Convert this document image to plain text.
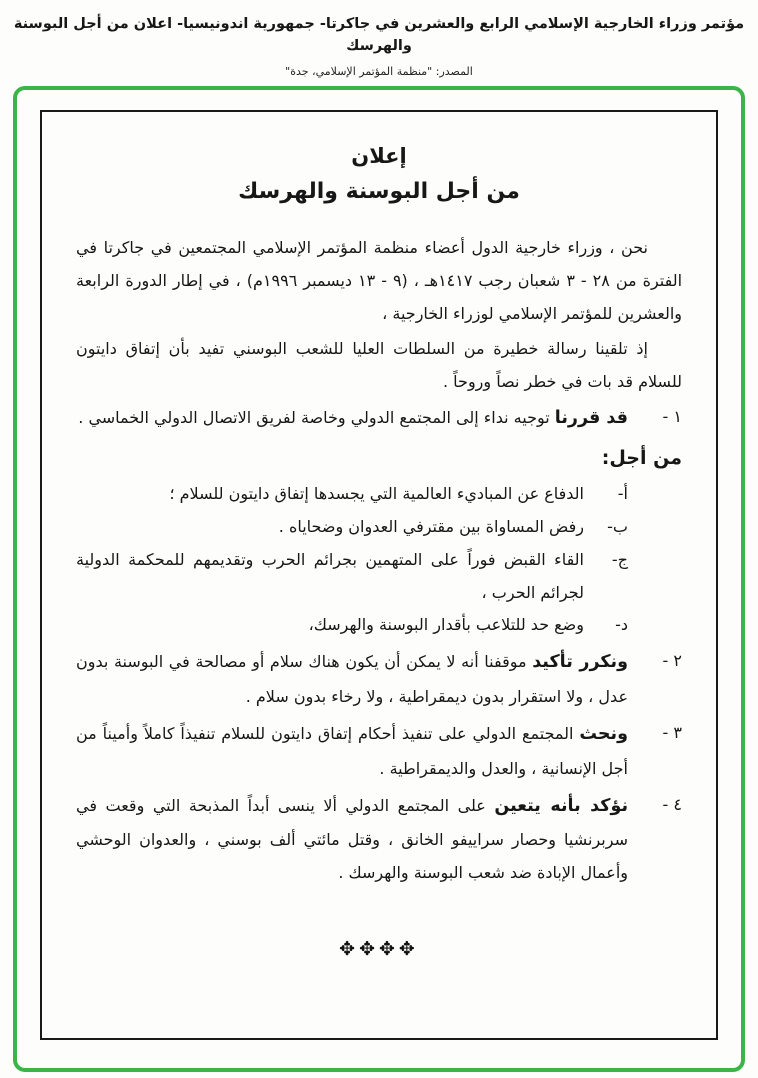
مؤتمر وزراء الخارجية الإسلامي الرابع والعشرين في جاكرتا- جمهورية اندونيسيا- اعلان من أجل البوسنة والهرسك
المصدر: "منظمة المؤتمر الإسلامي، جدة"
إعلان
من أجل البوسنة والهرسك

نحن ، وزراء خارجية الدول أعضاء منظمة المؤتمر الإسلامي المجتمعين في جاكرتا في الفترة من ٢٨ - ٣ شعبان رجب ١٤١٧هـ ، (٩ - ١٣ ديسمبر ١٩٩٦م) ، في إطار الدورة الرابعة والعشرين للمؤتمر الإسلامي لوزراء الخارجية ،

إذ تلقينا رسالة خطيرة من السلطات العليا للشعب البوسني تفيد بأن إتفاق دايتون للسلام قد بات في خطر نصاً وروحاً .

١ -
قد قررنا توجيه نداء إلى المجتمع الدولي وخاصة لفريق الاتصال الدولي الخماسي .
من أجل:
أ-
الدفاع عن المباديء العالمية التي يجسدها إتفاق دايتون للسلام ؛
ب-
رفض المساواة بين مقترفي العدوان وضحاياه .
ج-
القاء القبض فوراً على المتهمين بجرائم الحرب وتقديمهم للمحكمة الدولية لجرائم الحرب ،
د-
وضع حد للتلاعب بأقدار البوسنة والهرسك،
٢ -
ونكرر تأكيد موقفنا أنه لا يمكن أن يكون هناك سلام أو مصالحة في البوسنة بدون عدل ، ولا استقرار بدون ديمقراطية ، ولا رخاء بدون سلام .
٣ -
ونحث المجتمع الدولي على تنفيذ أحكام إتفاق دايتون للسلام تنفيذاً كاملاً وأميناً من أجل الإنسانية ، والعدل والديمقراطية .
٤ -
نؤكد بأنه يتعين على المجتمع الدولي ألا ينسى أبداً المذبحة التي وقعت في سربرنشيا وحصار سراييفو الخانق ، وقتل مائتي ألف بوسني ، والعدوان الوحشي وأعمال الإبادة ضد شعب البوسنة والهرسك .
✥✥✥✥
